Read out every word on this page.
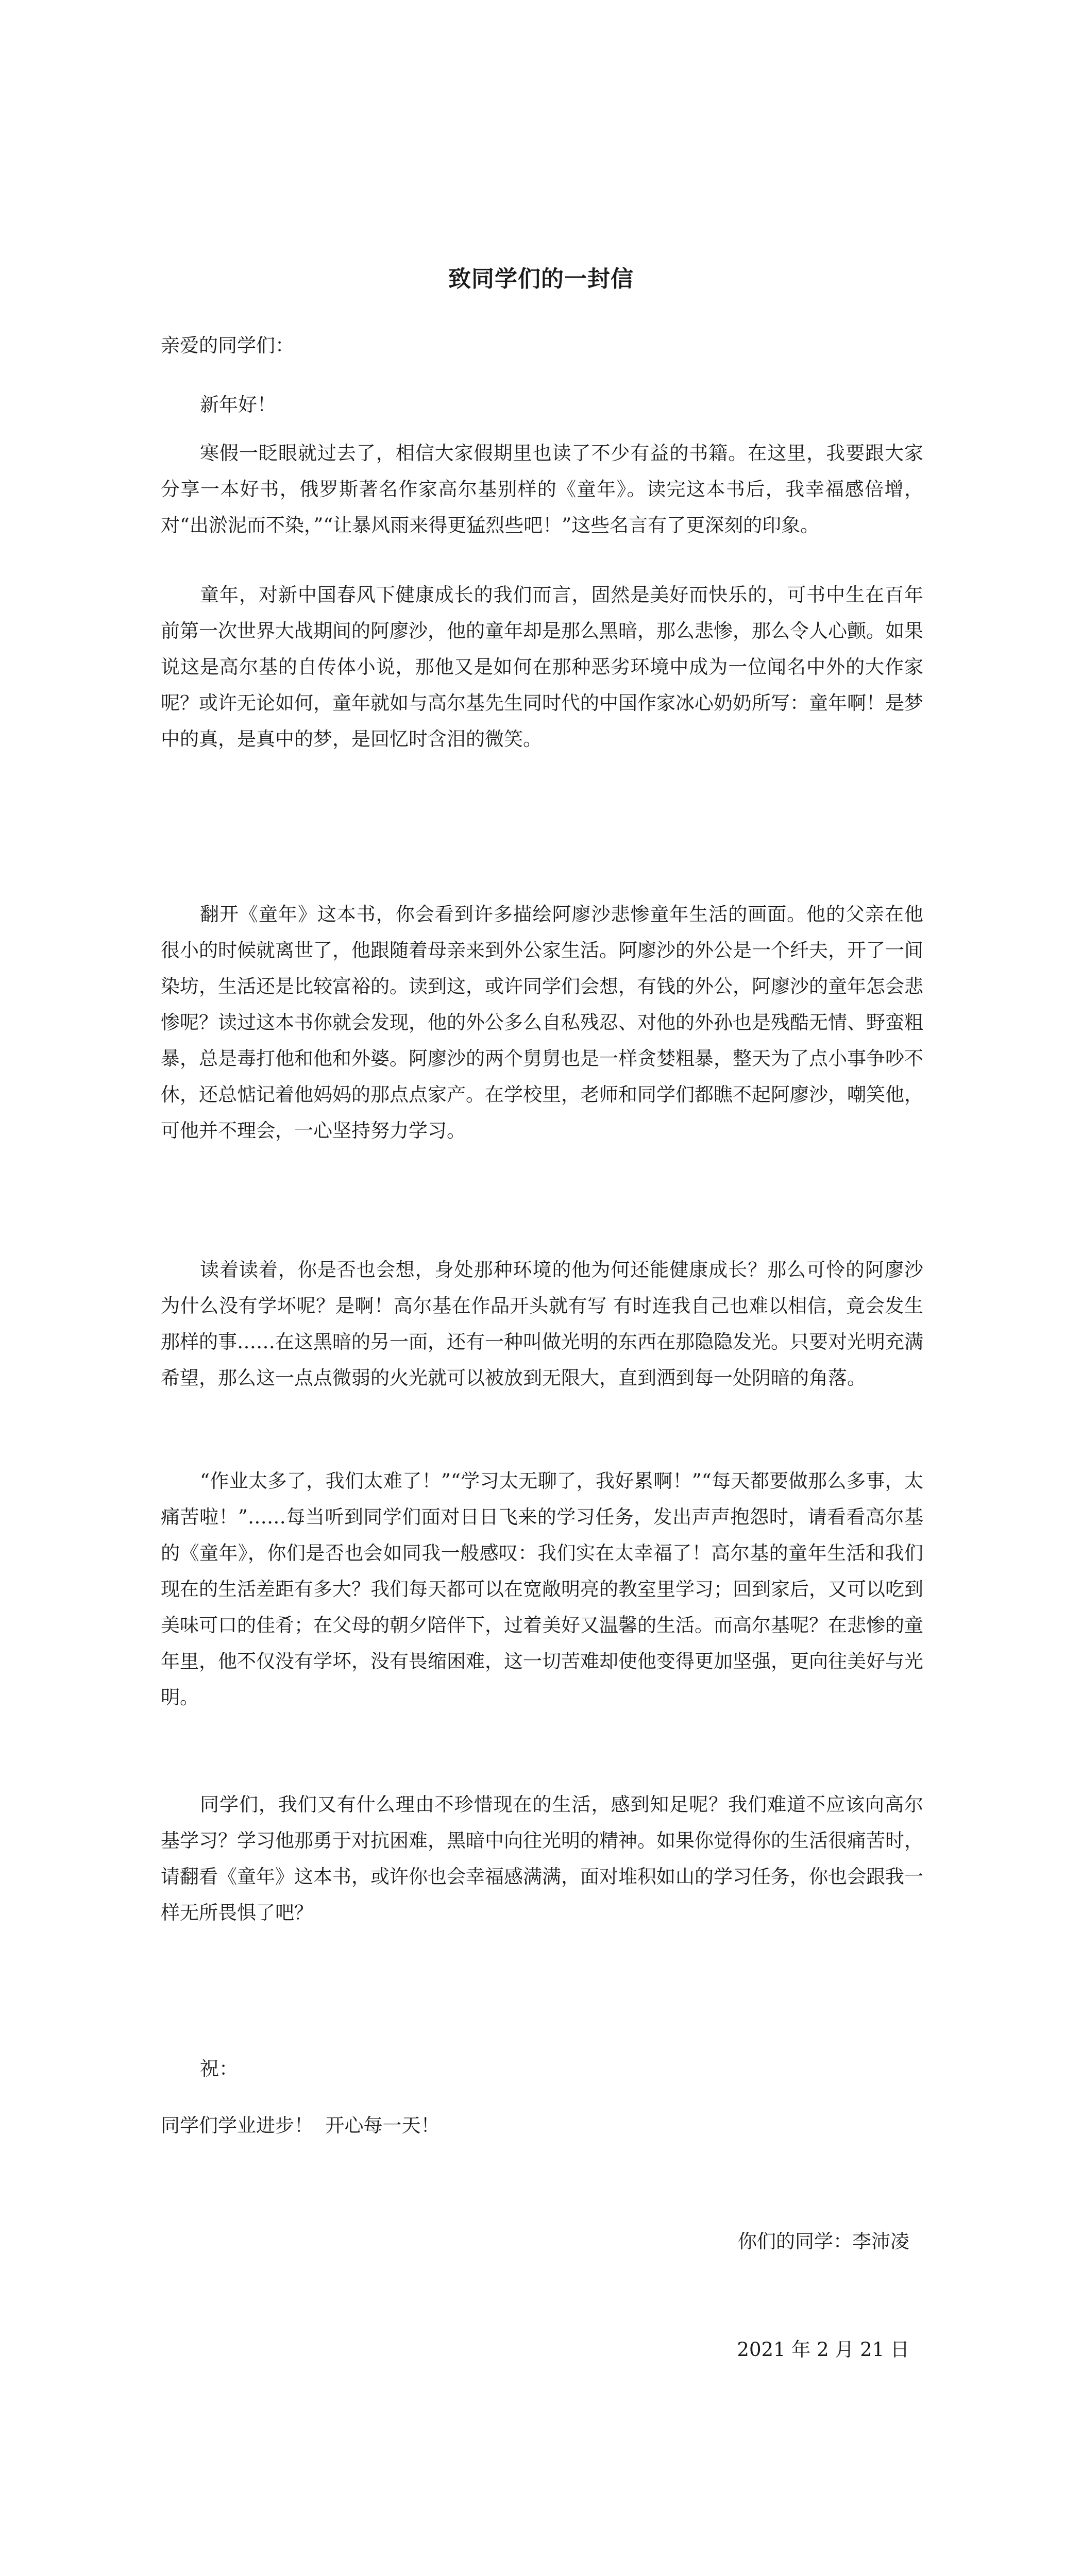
致同学们的一封信

亲爱的同学们：

新年好！

寒假一眨眼就过去了，相信大家假期里也读了不少有益的书籍。在这里，我要跟大家分享一本好书，俄罗斯著名作家高尔基别样的《童年》。读完这本书后，我幸福感倍增，对“出淤泥而不染，”“让暴风雨来得更猛烈些吧！”这些名言有了更深刻的印象。

童年，对新中国春风下健康成长的我们而言，固然是美好而快乐的，可书中生在百年前第一次世界大战期间的阿廖沙，他的童年却是那么黑暗，那么悲惨，那么令人心颤。如果说这是高尔基的自传体小说，那他又是如何在那种恶劣环境中成为一位闻名中外的大作家呢？或许无论如何，童年就如与高尔基先生同时代的中国作家冰心奶奶所写：童年啊！是梦中的真，是真中的梦，是回忆时含泪的微笑。

翻开《童年》这本书，你会看到许多描绘阿廖沙悲惨童年生活的画面。他的父亲在他很小的时候就离世了，他跟随着母亲来到外公家生活。阿廖沙的外公是一个纤夫，开了一间染坊，生活还是比较富裕的。读到这，或许同学们会想，有钱的外公，阿廖沙的童年怎会悲惨呢？读过这本书你就会发现，他的外公多么自私残忍、对他的外孙也是残酷无情、野蛮粗暴，总是毒打他和他和外婆。阿廖沙的两个舅舅也是一样贪婪粗暴，整天为了点小事争吵不休，还总惦记着他妈妈的那点点家产。在学校里，老师和同学们都瞧不起阿廖沙，嘲笑他，可他并不理会，一心坚持努力学习。

读着读着，你是否也会想，身处那种环境的他为何还能健康成长？那么可怜的阿廖沙为什么没有学坏呢？是啊！高尔基在作品开头就有写 有时连我自己也难以相信，竟会发生那样的事……在这黑暗的另一面，还有一种叫做光明的东西在那隐隐发光。只要对光明充满希望，那么这一点点微弱的火光就可以被放到无限大，直到洒到每一处阴暗的角落。

“作业太多了，我们太难了！”“学习太无聊了，我好累啊！”“每天都要做那么多事，太痛苦啦！”……每当听到同学们面对日日飞来的学习任务，发出声声抱怨时，请看看高尔基的《童年》，你们是否也会如同我一般感叹：我们实在太幸福了！高尔基的童年生活和我们现在的生活差距有多大？我们每天都可以在宽敞明亮的教室里学习；回到家后，又可以吃到美味可口的佳肴；在父母的朝夕陪伴下，过着美好又温馨的生活。而高尔基呢？在悲惨的童年里，他不仅没有学坏，没有畏缩困难，这一切苦难却使他变得更加坚强，更向往美好与光明。

同学们，我们又有什么理由不珍惜现在的生活，感到知足呢？我们难道不应该向高尔基学习？学习他那勇于对抗困难，黑暗中向往光明的精神。如果你觉得你的生活很痛苦时，请翻看《童年》这本书，或许你也会幸福感满满，面对堆积如山的学习任务，你也会跟我一样无所畏惧了吧？

祝：

同学们学业进步！  开心每一天！

你们的同学：李沛凌

2021 年 2 月 21 日
